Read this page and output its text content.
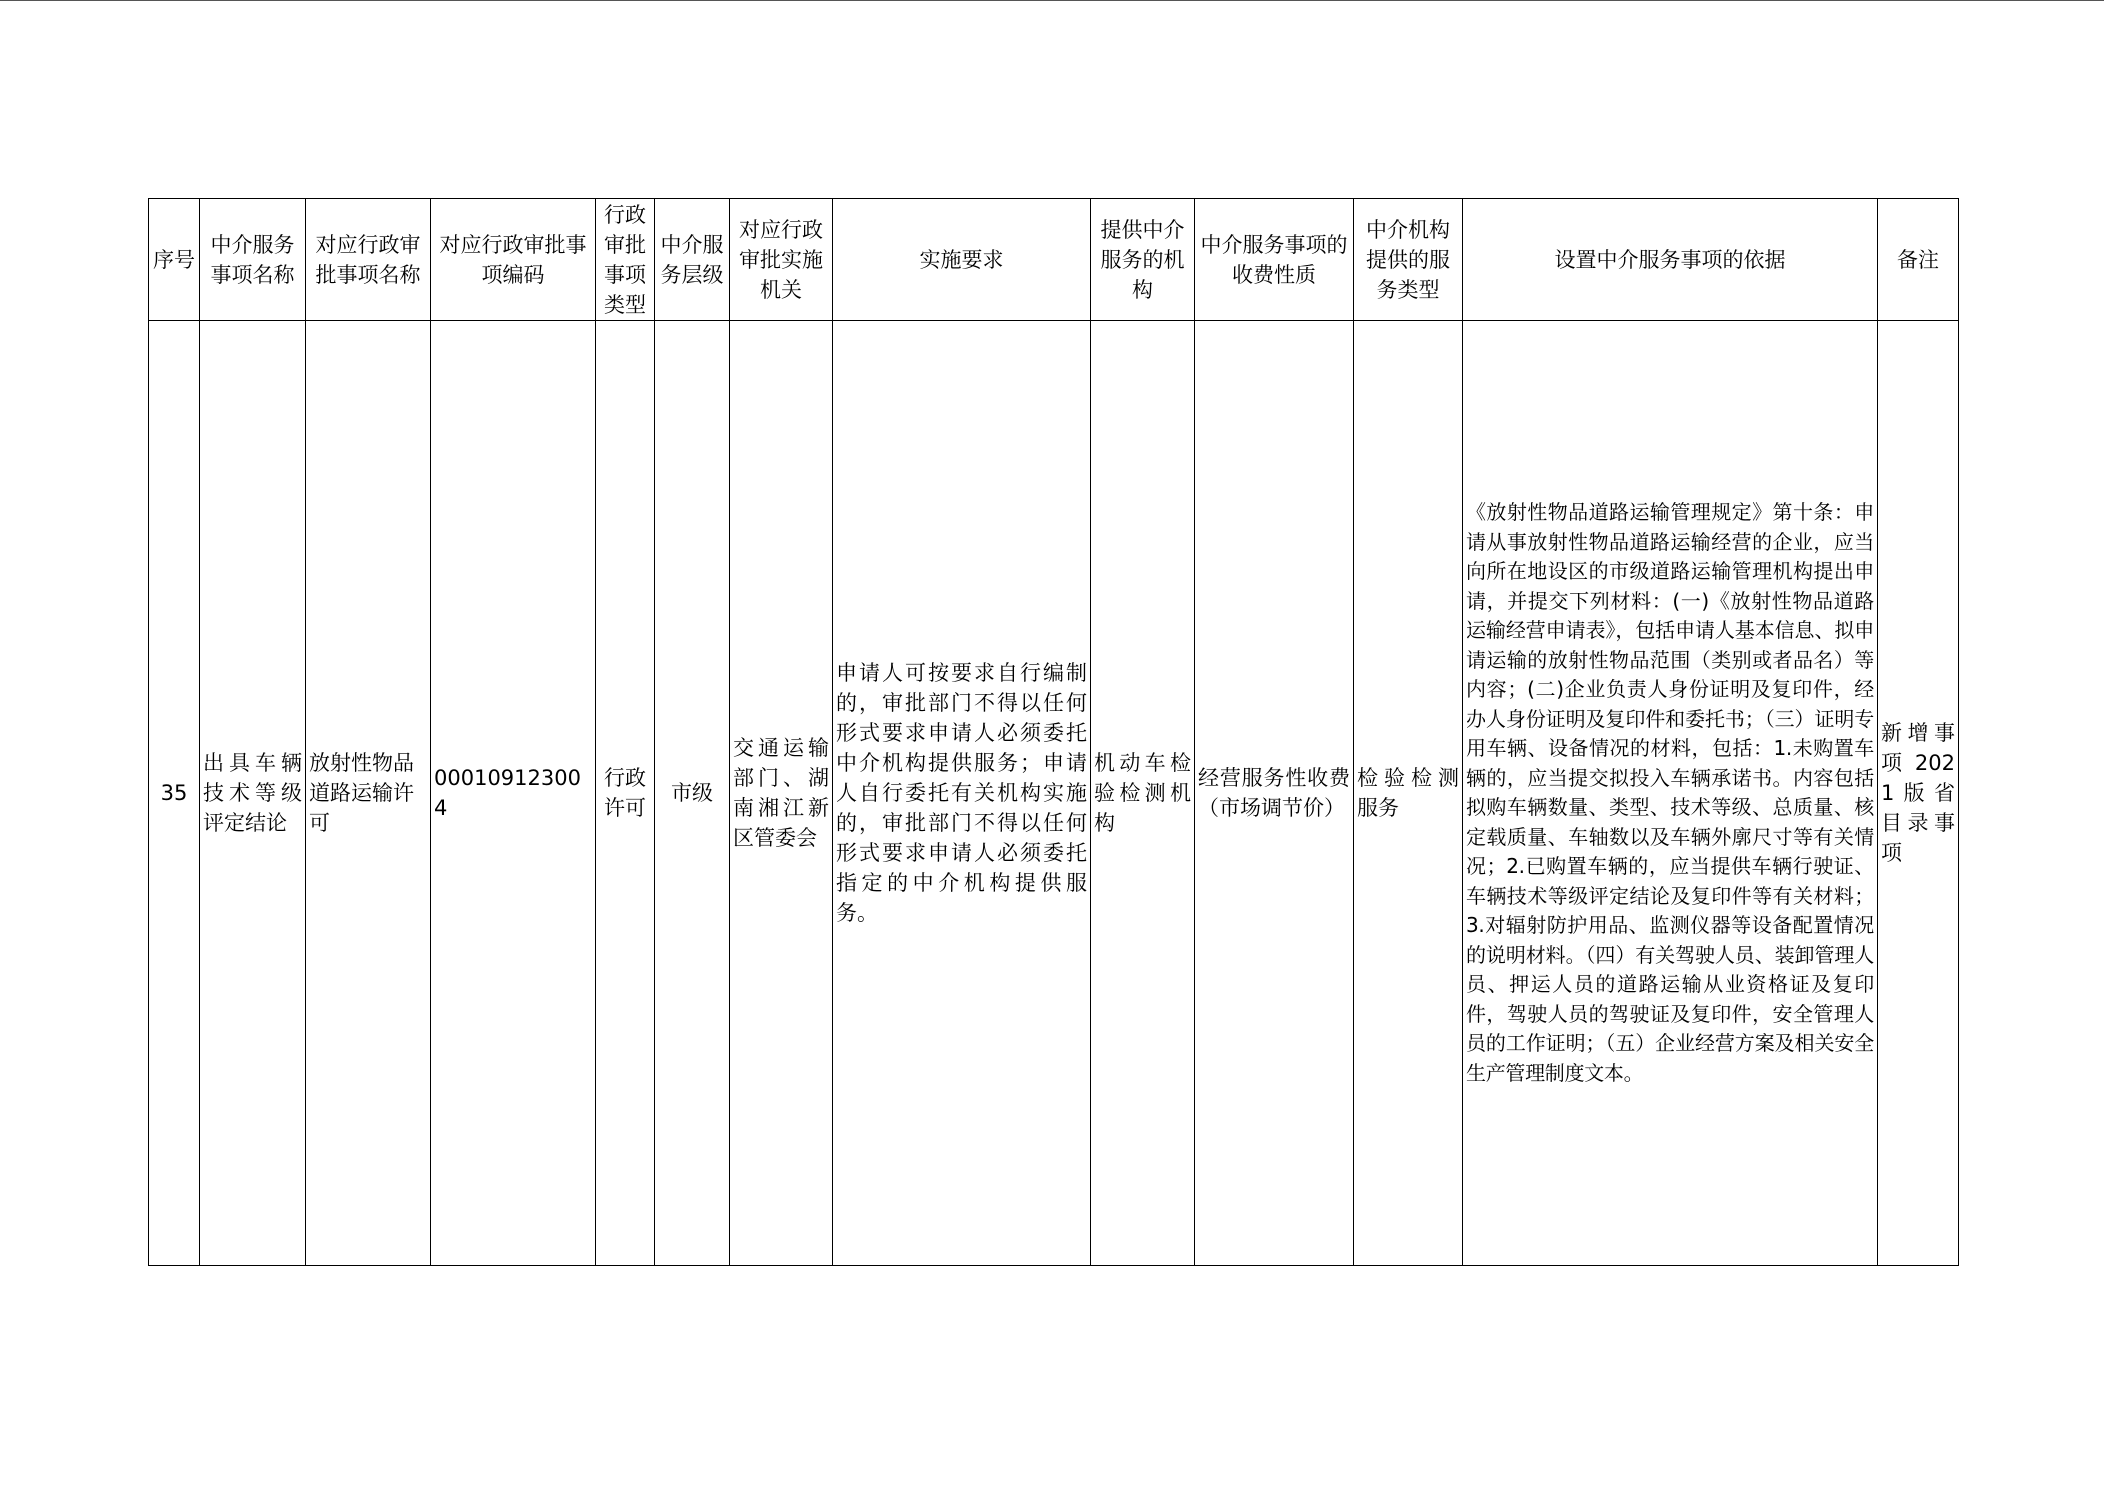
序号	中介服务事项名称	对应行政审批事项名称	对应行政审批事项编码	行政审批事项类型	中介服务层级	对应行政审批实施机关	实施要求	提供中介服务的机构	中介服务事项的收费性质	中介机构提供的服务类型	设置中介服务事项的依据	备注
35	出具车辆技术等级评定结论	放射性物品道路运输许可	000109123004	行政许可	市级	交通运输部门、湖南湘江新区管委会	申请人可按要求自行编制的，审批部门不得以任何形式要求申请人必须委托中介机构提供服务；申请人自行委托有关机构实施的，审批部门不得以任何形式要求申请人必须委托指定的中介机构提供服务。	机动车检验检测机构	经营服务性收费（市场调节价）	检验检测服务	《放射性物品道路运输管理规定》第十条：申请从事放射性物品道路运输经营的企业，应当向所在地设区的市级道路运输管理机构提出申请，并提交下列材料：(一)《放射性物品道路运输经营申请表》，包括申请人基本信息、拟申请运输的放射性物品范围（类别或者品名）等内容；(二)企业负责人身份证明及复印件，经办人身份证明及复印件和委托书；（三）证明专用车辆、设备情况的材料，包括：1.未购置车辆的，应当提交拟投入车辆承诺书。内容包括拟购车辆数量、类型、技术等级、总质量、核定载质量、车轴数以及车辆外廓尺寸等有关情况；2.已购置车辆的，应当提供车辆行驶证、车辆技术等级评定结论及复印件等有关材料；3.对辐射防护用品、监测仪器等设备配置情况的说明材料。（四）有关驾驶人员、装卸管理人员、押运人员的道路运输从业资格证及复印件，驾驶人员的驾驶证及复印件，安全管理人员的工作证明；（五）企业经营方案及相关安全生产管理制度文本。	新增事项2021版省目录事项
